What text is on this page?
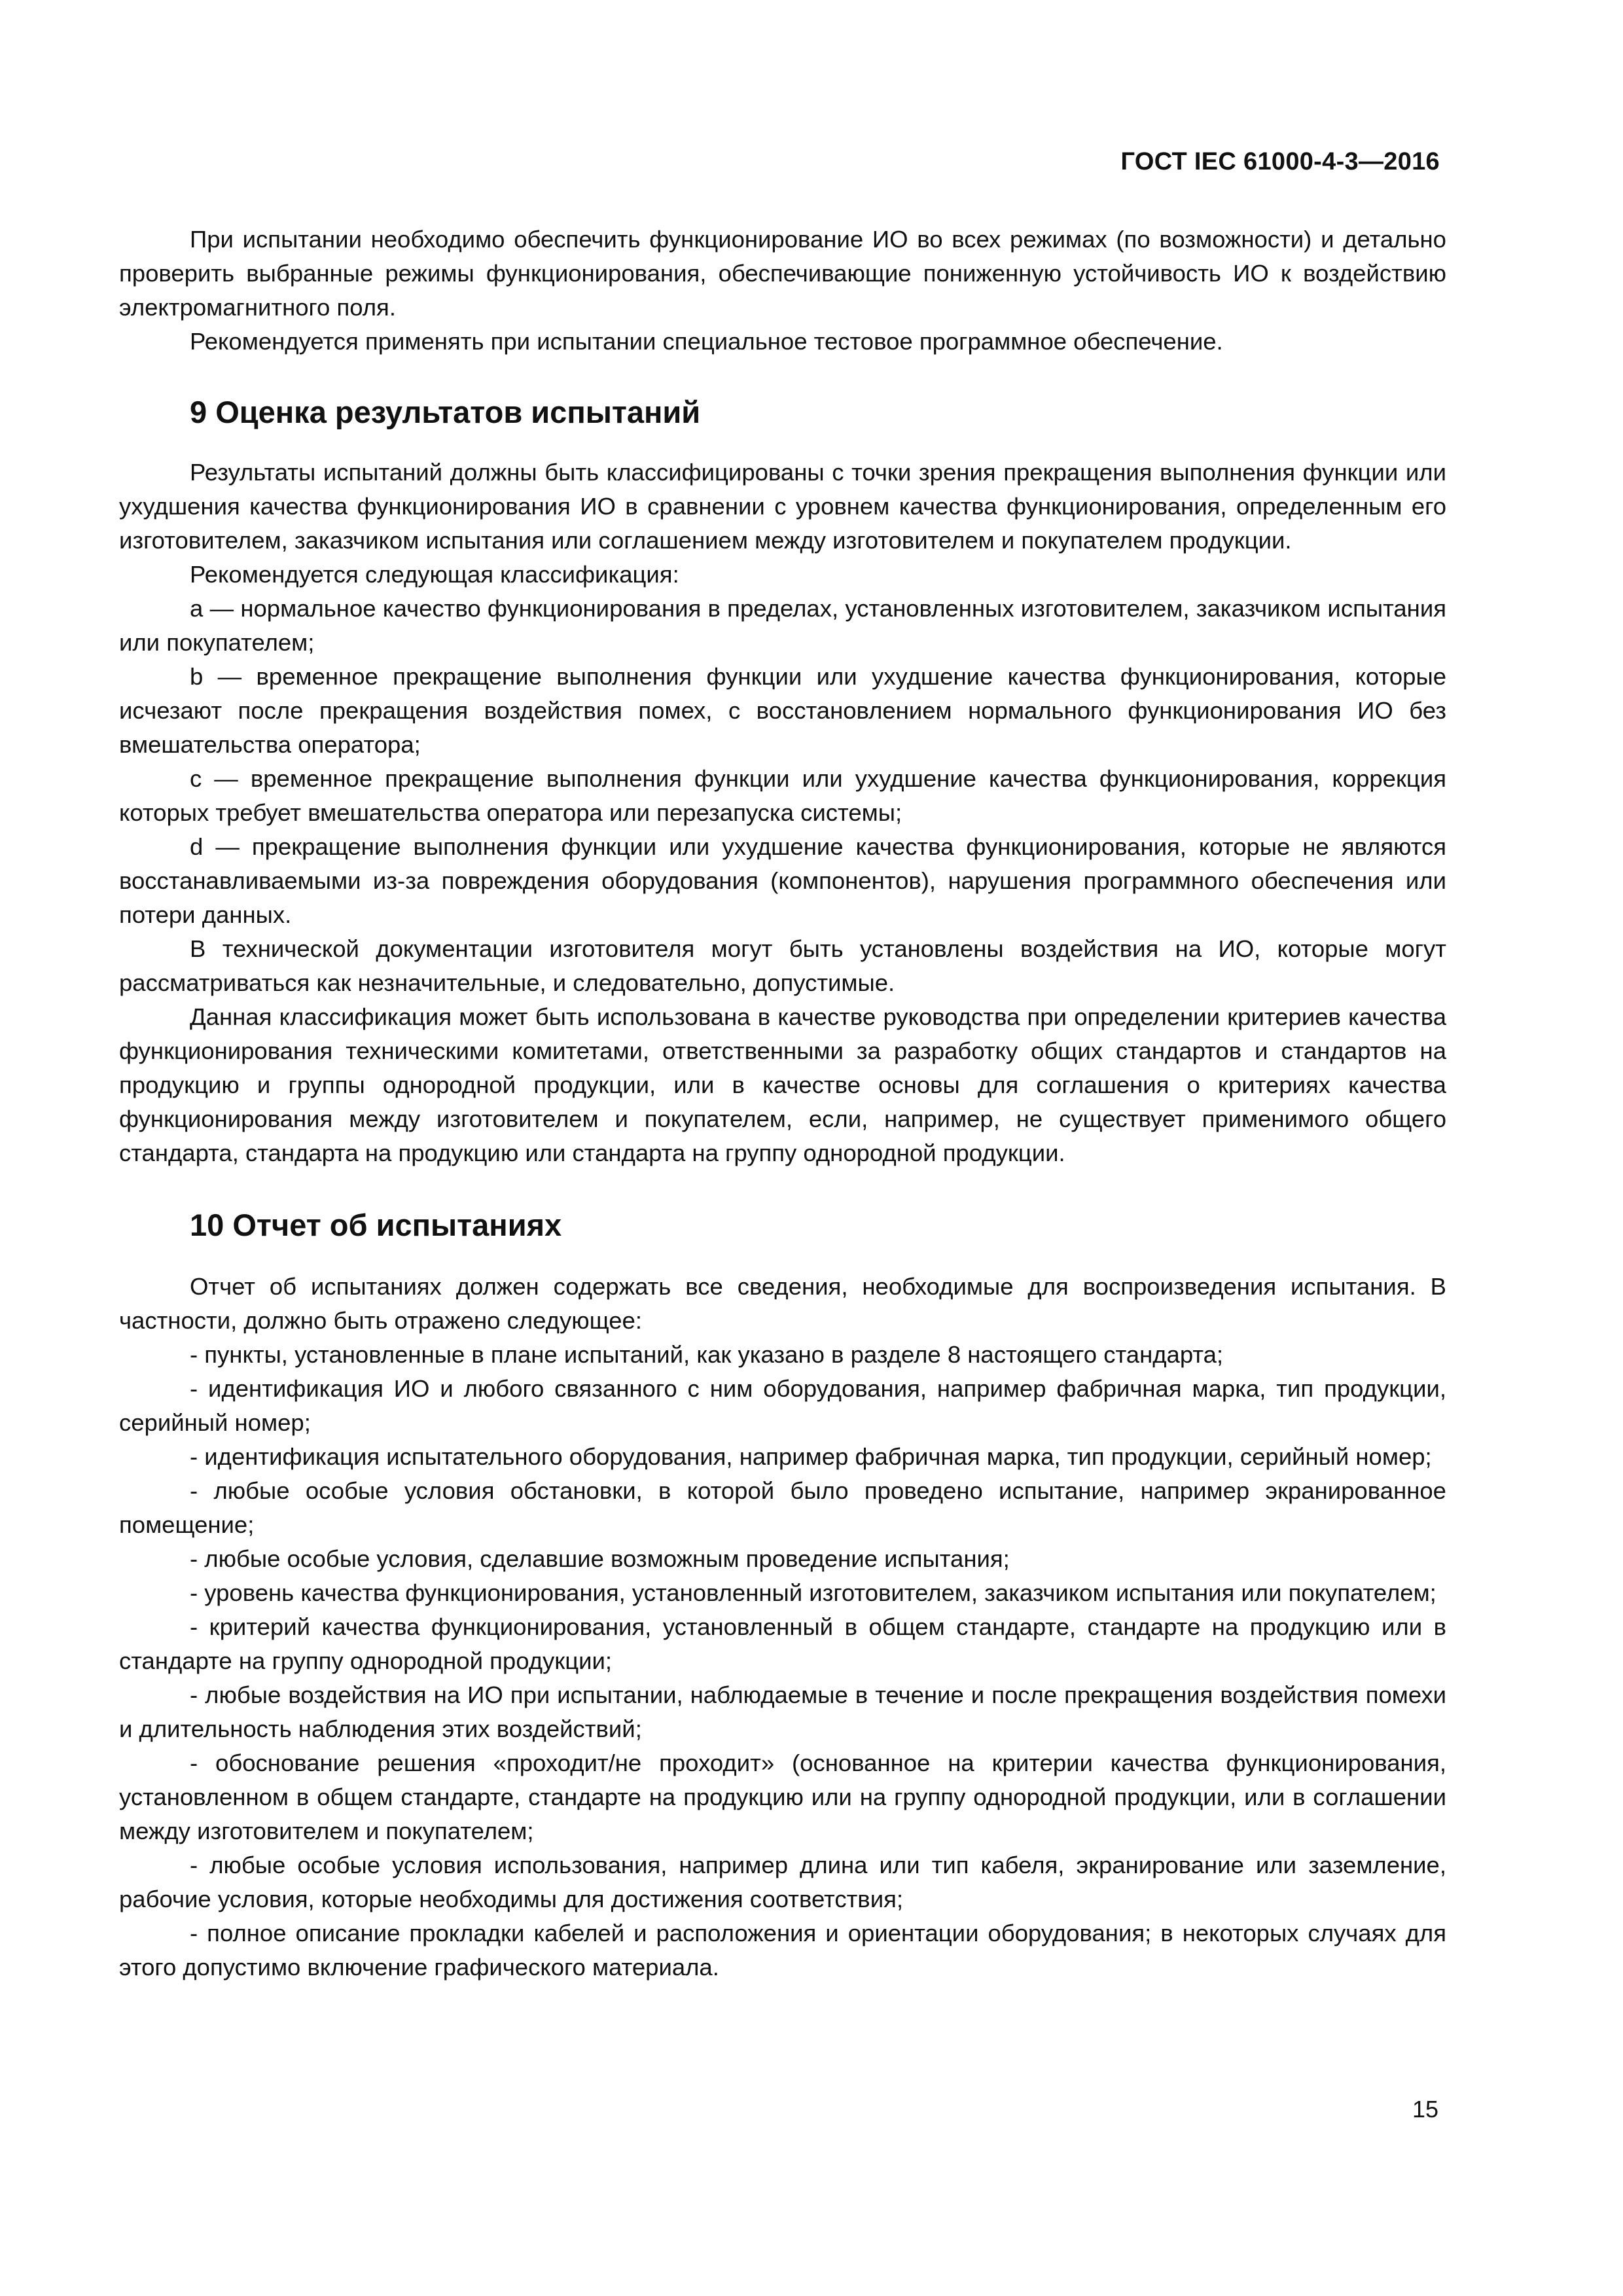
ГОСТ IEC 61000-4-3—2016

При испытании необходимо обеспечить функционирование ИО во всех режимах (по возможности) и детально проверить выбранные режимы функционирования, обеспечивающие пониженную устойчивость ИО к воздействию электромагнитного поля.

Рекомендуется применять при испытании специальное тестовое программное обеспечение.

9 Оценка результатов испытаний

Результаты испытаний должны быть классифицированы с точки зрения прекращения выполнения функции или ухудшения качества функционирования ИО в сравнении с уровнем качества функционирования, определенным его изготовителем, заказчиком испытания или соглашением между изготовителем и покупателем продукции.

Рекомендуется следующая классификация:

а — нормальное качество функционирования в пределах, установленных изготовителем, заказчиком испытания или покупателем;

b — временное прекращение выполнения функции или ухудшение качества функционирования, которые исчезают после прекращения воздействия помех, с восстановлением нормального функционирования ИО без вмешательства оператора;

с — временное прекращение выполнения функции или ухудшение качества функционирования, коррекция которых требует вмешательства оператора или перезапуска системы;

d — прекращение выполнения функции или ухудшение качества функционирования, которые не являются восстанавливаемыми из-за повреждения оборудования (компонентов), нарушения программного обеспечения или потери данных.

В технической документации изготовителя могут быть установлены воздействия на ИО, которые могут рассматриваться как незначительные, и следовательно, допустимые.

Данная классификация может быть использована в качестве руководства при определении критериев качества функционирования техническими комитетами, ответственными за разработку общих стандартов и стандартов на продукцию и группы однородной продукции, или в качестве основы для соглашения о критериях качества функционирования между изготовителем и покупателем, если, например, не существует применимого общего стандарта, стандарта на продукцию или стандарта на группу однородной продукции.

10 Отчет об испытаниях

Отчет об испытаниях должен содержать все сведения, необходимые для воспроизведения испытания. В частности, должно быть отражено следующее:

- пункты, установленные в плане испытаний, как указано в разделе 8 настоящего стандарта;

- идентификация ИО и любого связанного с ним оборудования, например фабричная марка, тип продукции, серийный номер;

- идентификация испытательного оборудования, например фабричная марка, тип продукции, серийный номер;

- любые особые условия обстановки, в которой было проведено испытание, например экранированное помещение;

- любые особые условия, сделавшие возможным проведение испытания;

- уровень качества функционирования, установленный изготовителем, заказчиком испытания или покупателем;

- критерий качества функционирования, установленный в общем стандарте, стандарте на продукцию или в стандарте на группу однородной продукции;

- любые воздействия на ИО при испытании, наблюдаемые в течение и после прекращения воздействия помехи и длительность наблюдения этих воздействий;

- обоснование решения «проходит/не проходит» (основанное на критерии качества функционирования, установленном в общем стандарте, стандарте на продукцию или на группу однородной продукции, или в соглашении между изготовителем и покупателем;

- любые особые условия использования, например длина или тип кабеля, экранирование или заземление, рабочие условия, которые необходимы для достижения соответствия;

- полное описание прокладки кабелей и расположения и ориентации оборудования; в некоторых случаях для этого допустимо включение графического материала.

15
